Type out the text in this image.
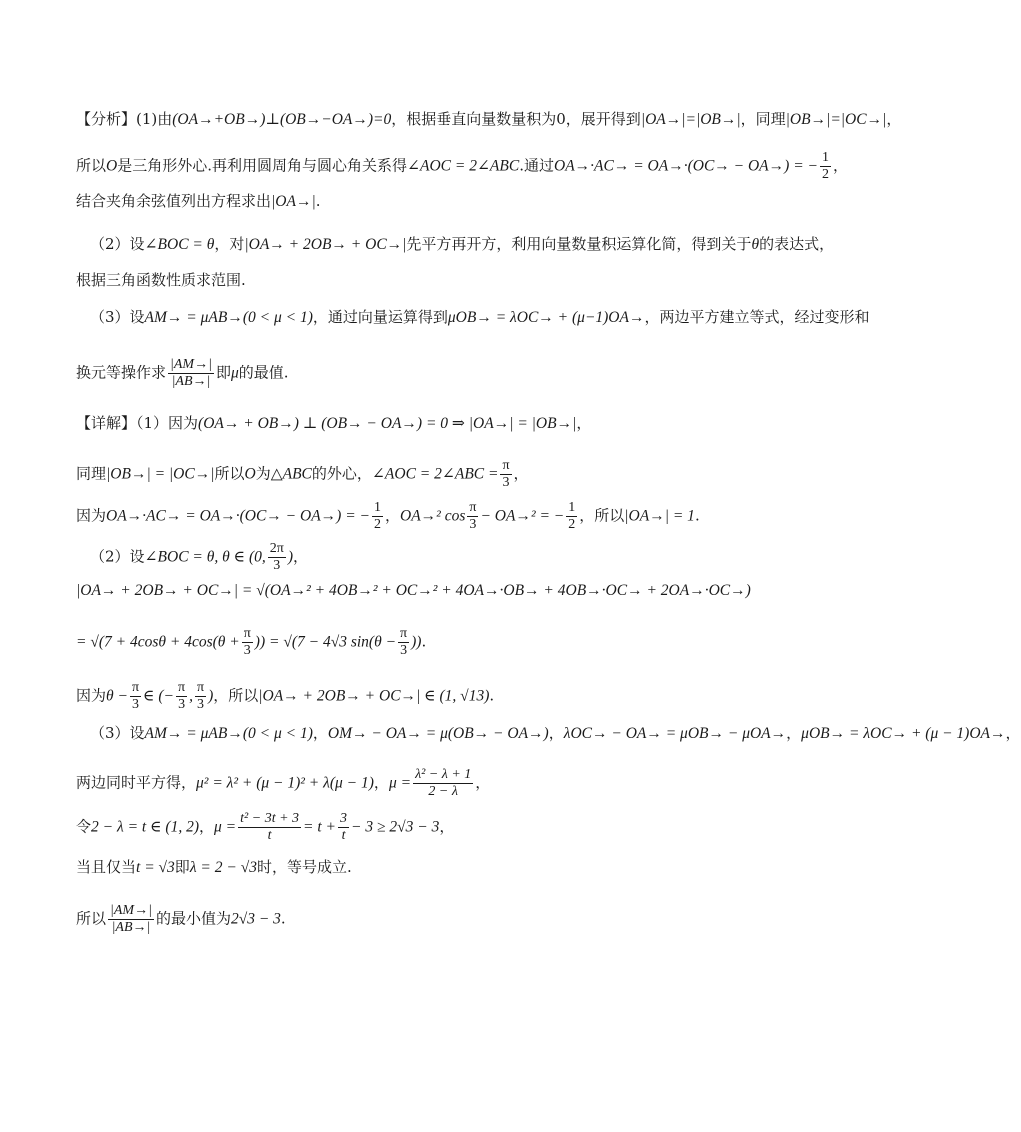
【分析】(1)由(OA→+OB→)⊥(OB→−OA→)=0，根据垂直向量数量积为0，展开得到|OA→|=|OB→|，同理|OB→|=|OC→|，
所以O是三角形外心.再利用圆周角与圆心角关系得∠AOC = 2∠ABC.通过OA→·AC→ = OA→·(OC→ − OA→) = − $\frac{1}{2}$ ，
结合夹角余弦值列出方程求出|OA→|.
（2）设∠BOC = θ，对|OA→ + 2OB→ + OC→|先平方再开方，利用向量数量积运算化简，得到关于θ的表达式，
根据三角函数性质求范围.
（3）设AM→ = μAB→(0 < μ < 1)，通过向量运算得到μOB→ = λOC→ + (μ−1)OA→，两边平方建立等式，经过变形和
换元等操作求 $\frac{|AM\to|}{|AB\to|}$ 即μ的最值.
【详解】（1）因为(OA→ + OB→) ⊥ (OB→ − OA→) = 0 ⇒ |OA→| = |OB→|，
同理|OB→| = |OC→|所以O为△ABC的外心，∠AOC = 2∠ABC = $\frac{\pi}{3}$ ，
因为OA→·AC→ = OA→·(OC→ − OA→) = − $\frac{1}{2}$ ，OA→² $\cos \frac{\pi}{3} - OA\to^2$ = − $\frac{1}{2}$ ，所以|OA→| = 1.
（2）设∠BOC = θ, θ ∈ (0, $\frac{2\pi}{3}$ )，
|OA→ + 2OB→ + OC→| = √(OA→² + 4OB→² + OC→² + 4OA→·OB→ + 4OB→·OC→ + 2OA→·OC→)
= $√(7 + 4\cos\theta + 4\cos(\theta + \frac{\pi}{3}$ )) = √(7 − 4√3 $\sin(\theta - \frac{\pi}{3}$ )).
因为$\theta - \frac{\pi}{3}$ ∈ (− $\frac{\pi}{3}$ , $\frac{\pi}{3}$ )，所以|OA→ + 2OB→ + OC→| ∈ (1, √13).
（3）设AM→ = μAB→(0 < μ < 1)，OM→ − OA→ = μ(OB→ − OA→)，λOC→ − OA→ = μOB→ − μOA→，μOB→ = λOC→ + (μ − 1)OA→，
两边同时平方得，μ² = λ² + (μ − 1)² + λ(μ − 1)，$\mu = \frac{\text{λ² − λ + 1}}{2 - \lambda}$ ，
令2 − λ = t ∈ (1, 2)，$\mu = \frac{\text{t² − 3t + 3}}{t} = t + \frac{3}{t} - 3 \ge 2√3 - 3$，
当且仅当t = √3即λ = 2 − √3时，等号成立.
所以 $\frac{|AM\to|}{|AB\to|}$ 的最小值为2√3 − 3.
